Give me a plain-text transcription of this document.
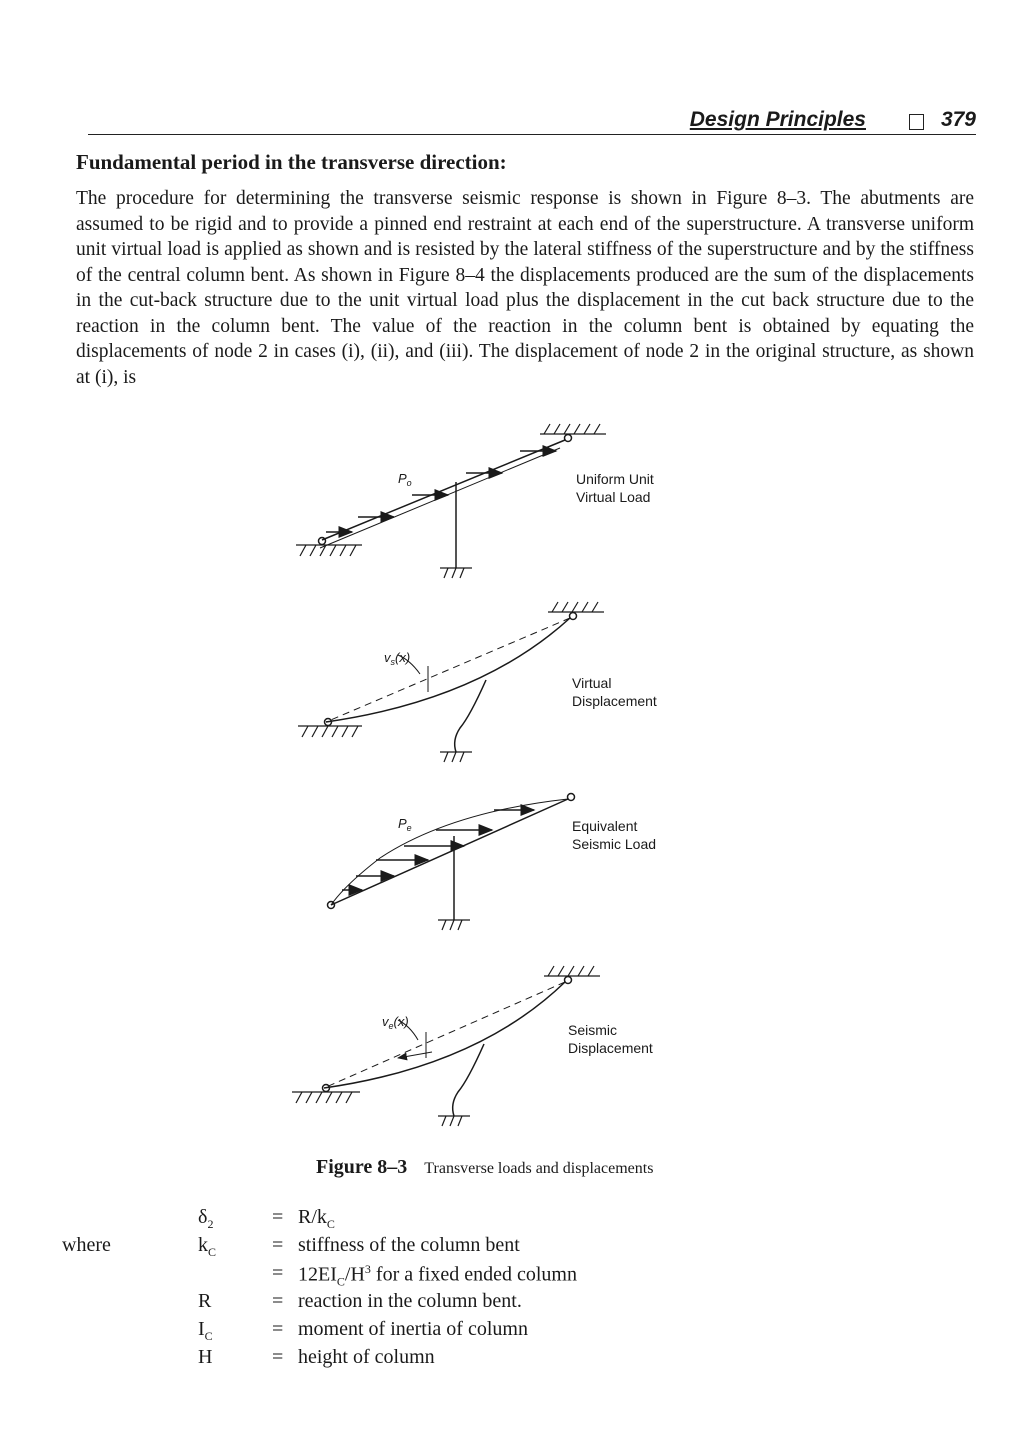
Design Principles	379
Fundamental period in the transverse direction:
The procedure for determining the transverse seismic response is shown in Figure 8–3. The abutments are assumed to be rigid and to provide a pinned end restraint at each end of the superstructure. A transverse uniform unit virtual load is applied as shown and is resisted by the lateral stiffness of the superstructure and by the stiffness of the central column bent. As shown in Figure 8–4 the displacements produced are the sum of the displacements in the cut-back structure due to the unit virtual load plus the displacement in the cut back structure due to the reaction in the column bent. The value of the reaction in the column bent is obtained by equating the displacements of node 2 in cases (i), (ii), and (iii). The displacement of node 2 in the original structure, as shown at (i), is
$P_o$	Uniform Unit
Virtual Load
$v_s(x)$
Virtual
Displacement
$P_e$	Equivalent
Seismic Load
$v_e(x)$
Seismic
Displacement
Figure 8–3 Transverse loads and displacements
where
$\delta_2$	= $R/k_C$
$k_C$	= stiffness of the column bent
= $12EI_C/H^3$ for a fixed ended column
R	= reaction in the column bent.
$I_C$	= moment of inertia of column
H	= height of column
